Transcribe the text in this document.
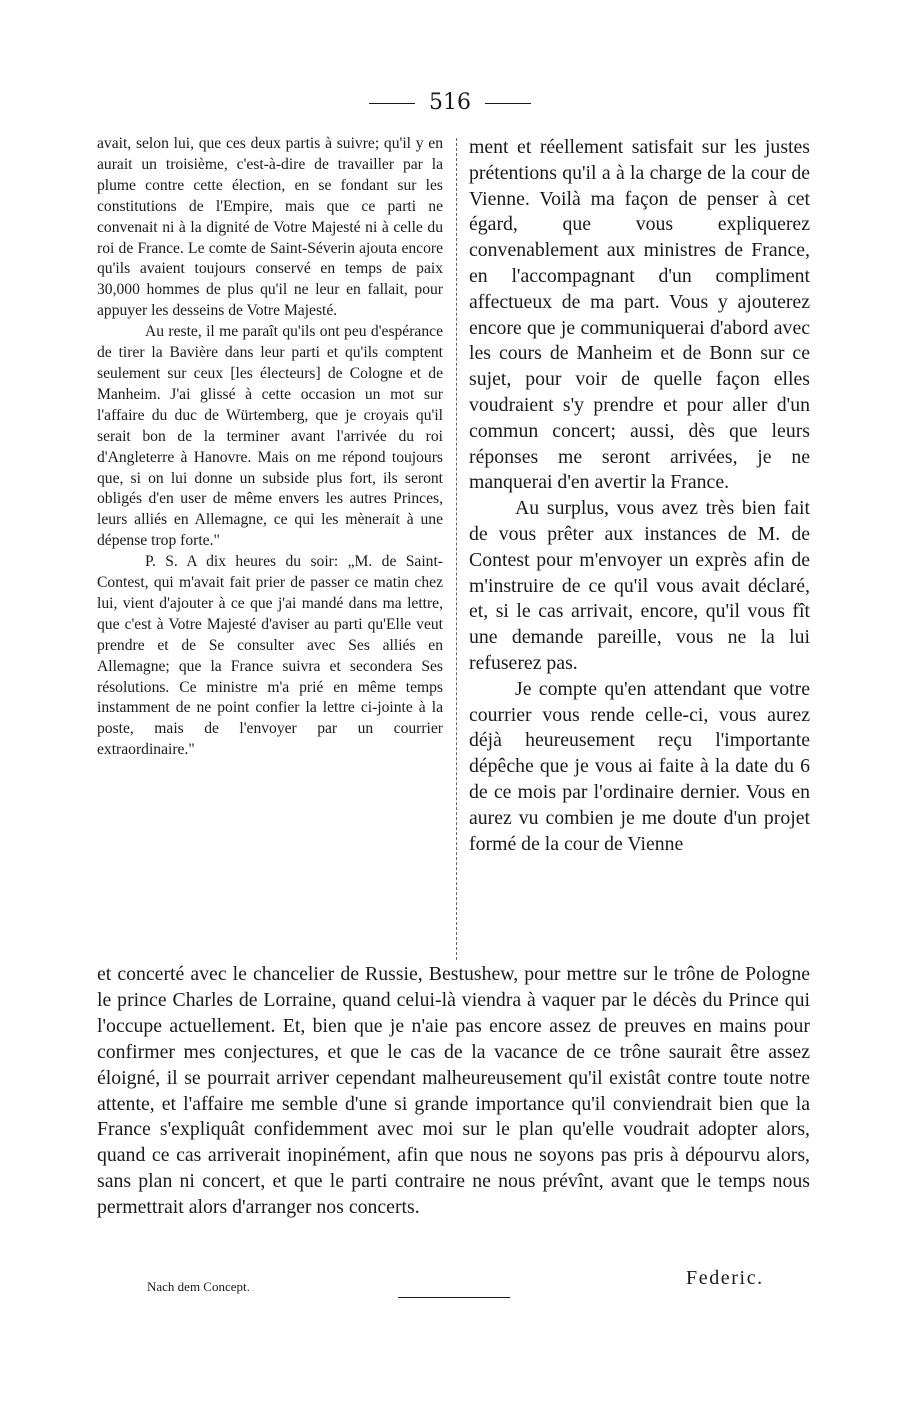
516

avait, selon lui, que ces deux partis à suivre; qu'il y en aurait un troisième, c'est-à-dire de travailler par la plume contre cette élection, en se fondant sur les constitutions de l'Empire, mais que ce parti ne convenait ni à la dignité de Votre Majesté ni à celle du roi de France. Le comte de Saint-Séverin ajouta encore qu'ils avaient toujours conservé en temps de paix 30,000 hommes de plus qu'il ne leur en fallait, pour appuyer les desseins de Votre Majesté.

Au reste, il me paraît qu'ils ont peu d'espérance de tirer la Bavière dans leur parti et qu'ils comptent seulement sur ceux [les électeurs] de Cologne et de Manheim. J'ai glissé à cette occasion un mot sur l'affaire du duc de Würtemberg, que je croyais qu'il serait bon de la terminer avant l'arrivée du roi d'Angleterre à Hanovre. Mais on me répond toujours que, si on lui donne un subside plus fort, ils seront obligés d'en user de même envers les autres Princes, leurs alliés en Allemagne, ce qui les mènerait à une dépense trop forte."

P. S. A dix heures du soir: „M. de Saint-Contest, qui m'avait fait prier de passer ce matin chez lui, vient d'ajouter à ce que j'ai mandé dans ma lettre, que c'est à Votre Majesté d'aviser au parti qu'Elle veut prendre et de Se consulter avec Ses alliés en Allemagne; que la France suivra et secondera Ses résolutions. Ce ministre m'a prié en même temps instamment de ne point confier la lettre ci-jointe à la poste, mais de l'envoyer par un courrier extraordinaire."

ment et réellement satisfait sur les justes prétentions qu'il a à la charge de la cour de Vienne. Voilà ma façon de penser à cet égard, que vous expliquerez convenablement aux ministres de France, en l'accompagnant d'un compliment affectueux de ma part. Vous y ajouterez encore que je communiquerai d'abord avec les cours de Manheim et de Bonn sur ce sujet, pour voir de quelle façon elles voudraient s'y prendre et pour aller d'un commun concert; aussi, dès que leurs réponses me seront arrivées, je ne manquerai d'en avertir la France.

Au surplus, vous avez très bien fait de vous prêter aux instances de M. de Contest pour m'envoyer un exprès afin de m'instruire de ce qu'il vous avait déclaré, et, si le cas arrivait, encore, qu'il vous fît une demande pareille, vous ne la lui refuserez pas.

Je compte qu'en attendant que votre courrier vous rende celle-ci, vous aurez déjà heureusement reçu l'importante dépêche que je vous ai faite à la date du 6 de ce mois par l'ordinaire dernier. Vous en aurez vu combien je me doute d'un projet formé de la cour de Vienne

et concerté avec le chancelier de Russie, Bestushew, pour mettre sur le trône de Pologne le prince Charles de Lorraine, quand celui-là viendra à vaquer par le décès du Prince qui l'occupe actuellement. Et, bien que je n'aie pas encore assez de preuves en mains pour confirmer mes conjectures, et que le cas de la vacance de ce trône saurait être assez éloigné, il se pourrait arriver cependant malheureusement qu'il existât contre toute notre attente, et l'affaire me semble d'une si grande importance qu'il conviendrait bien que la France s'expliquât confidemment avec moi sur le plan qu'elle voudrait adopter alors, quand ce cas arriverait inopinément, afin que nous ne soyons pas pris à dépourvu alors, sans plan ni concert, et que le parti contraire ne nous prévînt, avant que le temps nous permettrait alors d'arranger nos concerts.

Nach dem Concept.	Federic.
